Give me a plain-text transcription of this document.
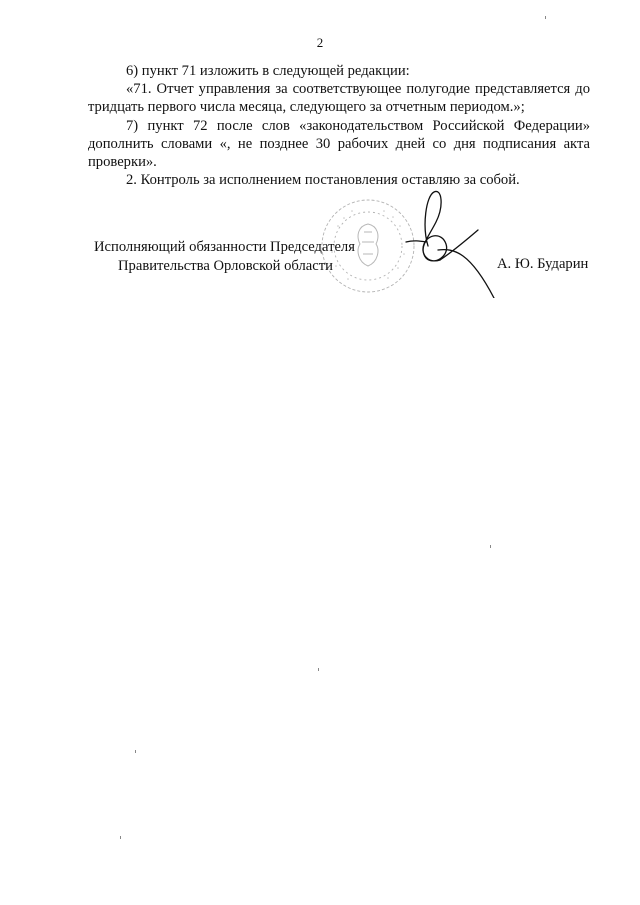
2

6) пункт 71 изложить в следующей редакции:

«71. Отчет управления за соответствующее полугодие представляется до тридцать первого числа месяца, следующего за отчетным периодом.»;

7) пункт 72 после слов «законодательством Российской Федерации» дополнить словами «, не позднее 30 рабочих дней со дня подписания акта проверки».

2. Контроль за исполнением постановления оставляю за собой.

Исполняющий обязанности Председателя
Правительства Орловской области	А. Ю. Бударин
